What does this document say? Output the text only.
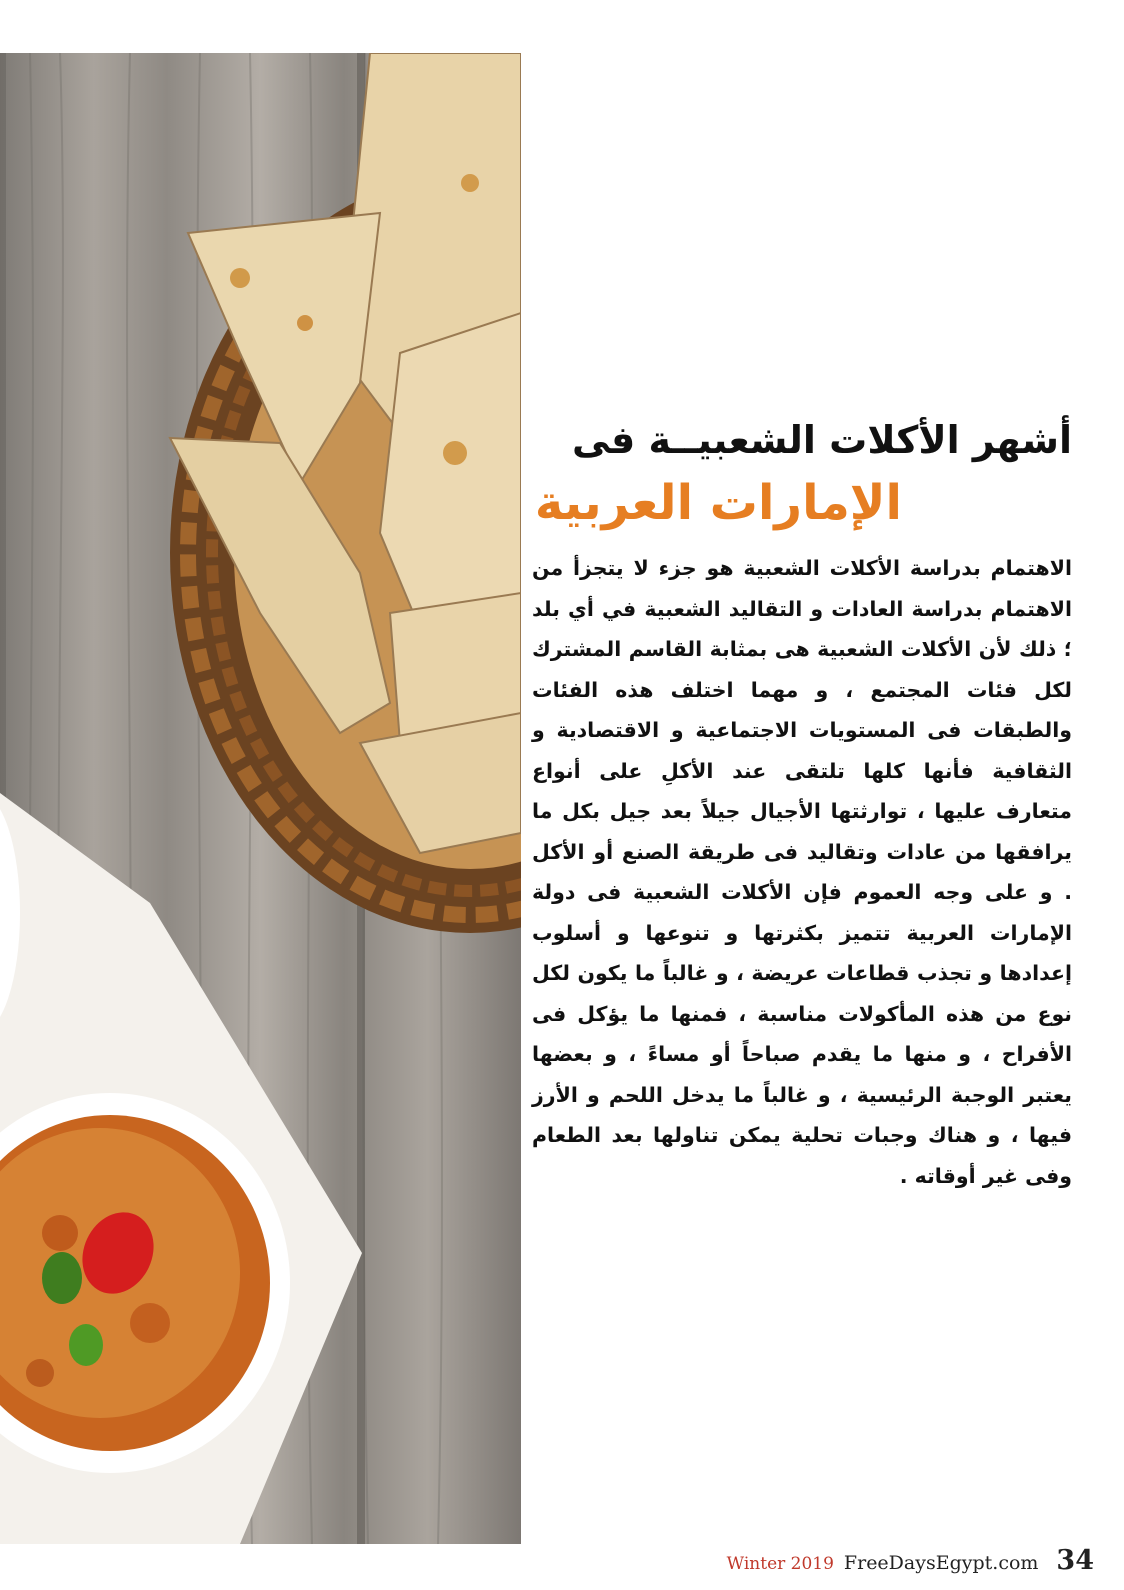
أشهر الأكلات الشعبيــة فى
الإمارات العربية

الاهتمام بدراسة الأكلات الشعبية هو جزء لا يتجزأ من الاهتمام بدراسة العادات و التقاليد الشعبية في أي بلد ؛ ذلك لأن الأكلات الشعبية هى بمثابة القاسم المشترك لكل فئات المجتمع ، و مهما اختلف هذه الفئات والطبقات فى المستويات الاجتماعية و الاقتصادية و الثقافية فأنها كلها تلتقى عند الأكلِ على أنواع متعارف عليها ، توارثتها الأجيال جيلاً بعد جيل بكل ما يرافقها من عادات وتقاليد فى طريقة الصنع أو الأكل . و على وجه العموم فإن الأكلات الشعبية فى دولة الإمارات العربية تتميز بكثرتها و تنوعها و أسلوب إعدادها و تجذب قطاعات عريضة ، و غالباً ما يكون لكل نوع من هذه المأكولات مناسبة ، فمنها ما يؤكل فى الأفراح ، و منها ما يقدم صباحاً أو مساءً ، و بعضها يعتبر الوجبة الرئيسية ، و غالباً ما يدخل اللحم و الأرز فيها ، و هناك وجبات تحلية يمكن تناولها بعد الطعام وفى غير أوقاته .

Winter 2019 FreeDaysEgypt.com 34
